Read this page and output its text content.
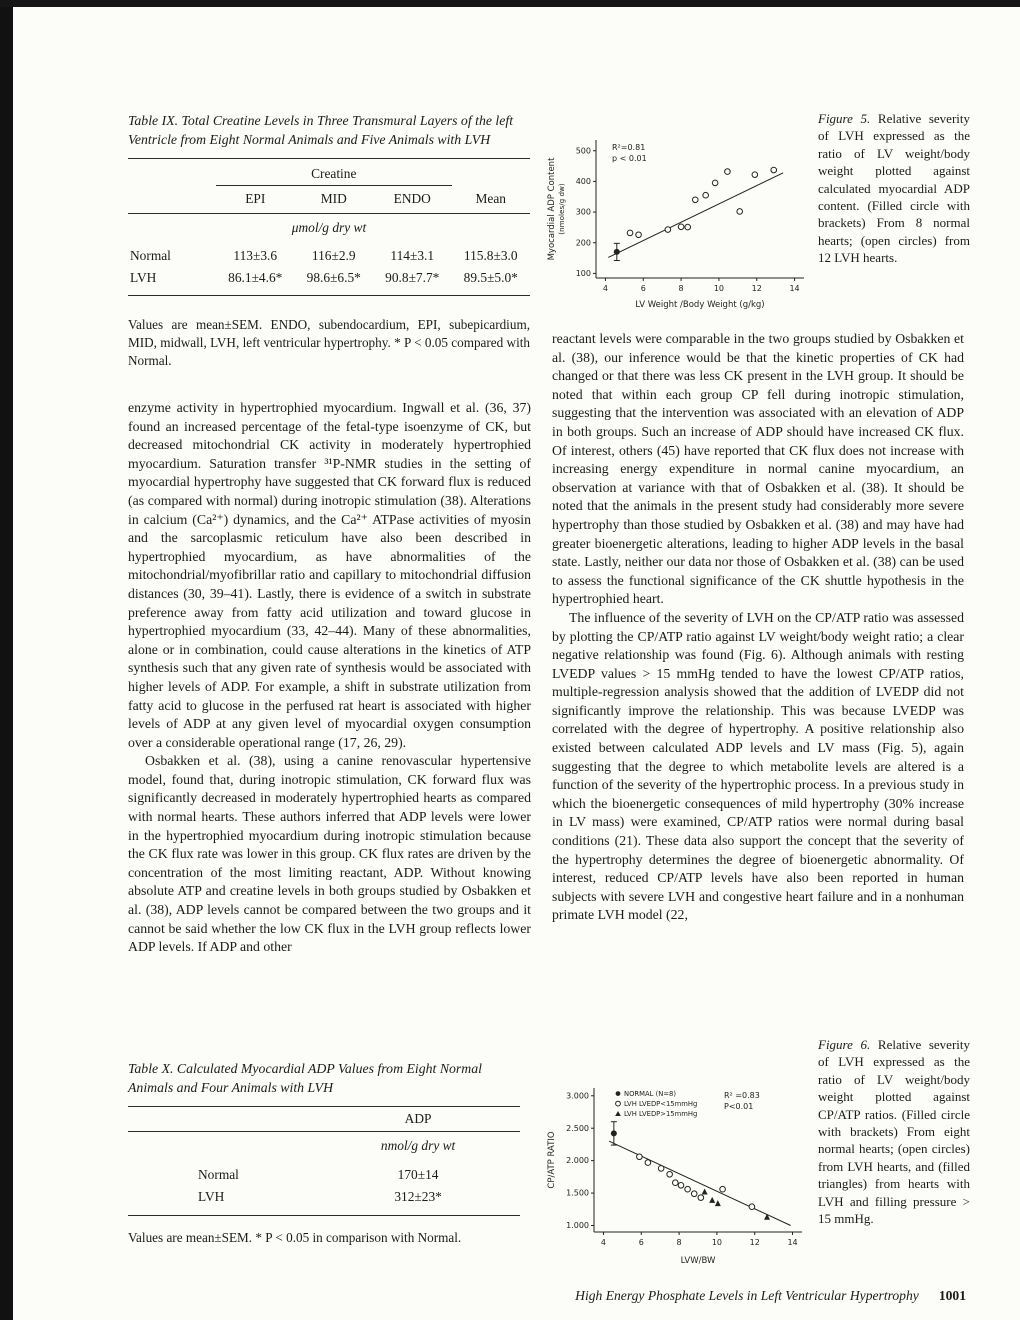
Table IX. Total Creatine Levels in Three Transmural Layers of the left Ventricle from Eight Normal Animals and Five Animals with LVH

	Creatine			
	EPI	MID	ENDO	Mean
μmol/g dry wt				
Normal	113±3.6	116±2.9	114±3.1	115.8±3.0
LVH	86.1±4.6*	98.6±6.5*	90.8±7.7*	89.5±5.0*

Values are mean±SEM. ENDO, subendocardium, EPI, subepicardium, MID, midwall, LVH, left ventricular hypertrophy. * P < 0.05 compared with Normal.

4	6	8	10	12	14
100
200
300
400
500
LV Weight /Body Weight (g/kg)
Myocardial ADP Content (nmoles/g dw)
R²=0.81
p < 0.01
Figure 5. Relative severity of LVH expressed as the ratio of LV weight/body weight plotted against calculated myocardial ADP content. (Filled circle with brackets) From 8 normal hearts; (open circles) from 12 LVH hearts.

reactant levels were comparable in the two groups studied by Osbakken et al. (38), our inference would be that the kinetic properties of CK had changed or that there was less CK present in the LVH group. It should be noted that within each group CP fell during inotropic stimulation, suggesting that the intervention was associated with an elevation of ADP in both groups. Such an increase of ADP should have increased CK flux. Of interest, others (45) have reported that CK flux does not increase with increasing energy expenditure in normal canine myocardium, an observation at variance with that of Osbakken et al. (38). It should be noted that the animals in the present study had considerably more severe hypertrophy than those studied by Osbakken et al. (38) and may have had greater bioenergetic alterations, leading to higher ADP levels in the basal state. Lastly, neither our data nor those of Osbakken et al. (38) can be used to assess the functional significance of the CK shuttle hypothesis in the hypertrophied heart.

The influence of the severity of LVH on the CP/ATP ratio was assessed by plotting the CP/ATP ratio against LV weight/body weight ratio; a clear negative relationship was found (Fig. 6). Although animals with resting LVEDP values > 15 mmHg tended to have the lowest CP/ATP ratios, multiple-regression analysis showed that the addition of LVEDP did not significantly improve the relationship. This was because LVEDP was correlated with the degree of hypertrophy. A positive relationship also existed between calculated ADP levels and LV mass (Fig. 5), again suggesting that the degree to which metabolite levels are altered is a function of the severity of the hypertrophic process. In a previous study in which the bioenergetic consequences of mild hypertrophy (30% increase in LV mass) were examined, CP/ATP ratios were normal during basal conditions (21). These data also support the concept that the severity of the hypertrophy determines the degree of bioenergetic abnormality. Of interest, reduced CP/ATP levels have also been reported in human subjects with severe LVH and congestive heart failure and in a nonhuman primate LVH model (22,

enzyme activity in hypertrophied myocardium. Ingwall et al. (36, 37) found an increased percentage of the fetal-type isoenzyme of CK, but decreased mitochondrial CK activity in moderately hypertrophied myocardium. Saturation transfer ³¹P-NMR studies in the setting of myocardial hypertrophy have suggested that CK forward flux is reduced (as compared with normal) during inotropic stimulation (38). Alterations in calcium (Ca²⁺) dynamics, and the Ca²⁺ ATPase activities of myosin and the sarcoplasmic reticulum have also been described in hypertrophied myocardium, as have abnormalities of the mitochondrial/myofibrillar ratio and capillary to mitochondrial diffusion distances (30, 39–41). Lastly, there is evidence of a switch in substrate preference away from fatty acid utilization and toward glucose in hypertrophied myocardium (33, 42–44). Many of these abnormalities, alone or in combination, could cause alterations in the kinetics of ATP synthesis such that any given rate of synthesis would be associated with higher levels of ADP. For example, a shift in substrate utilization from fatty acid to glucose in the perfused rat heart is associated with higher levels of ADP at any given level of myocardial oxygen consumption over a considerable operational range (17, 26, 29).

Osbakken et al. (38), using a canine renovascular hypertensive model, found that, during inotropic stimulation, CK forward flux was significantly decreased in moderately hypertrophied hearts as compared with normal hearts. These authors inferred that ADP levels were lower in the hypertrophied myocardium during inotropic stimulation because the CK flux rate was lower in this group. CK flux rates are driven by the concentration of the most limiting reactant, ADP. Without knowing absolute ATP and creatine levels in both groups studied by Osbakken et al. (38), ADP levels cannot be compared between the two groups and it cannot be said whether the low CK flux in the LVH group reflects lower ADP levels. If ADP and other

Table X. Calculated Myocardial ADP Values from Eight Normal Animals and Four Animals with LVH

	ADP
	nmol/g dry wt
Normal	170±14
LVH	312±23*

Values are mean±SEM. * P < 0.05 in comparison with Normal.	4	6	8	10	12	14
1.000
1.500
2.000
2.500
3.000
LVW/BW
CP/ATP RATIO
NORMAL (N=8)
LVH LVEDP<15mmHg
LVH LVEDP>15mmHg
R² =0.83
P<0.01
Figure 6. Relative severity of LVH expressed as the ratio of LV weight/body weight plotted against CP/ATP ratios. (Filled circle with brackets) From eight normal hearts; (open circles) from LVH hearts, and (filled triangles) from hearts with LVH and filling pressure > 15 mmHg.
High Energy Phosphate Levels in Left Ventricular Hypertrophy 1001
